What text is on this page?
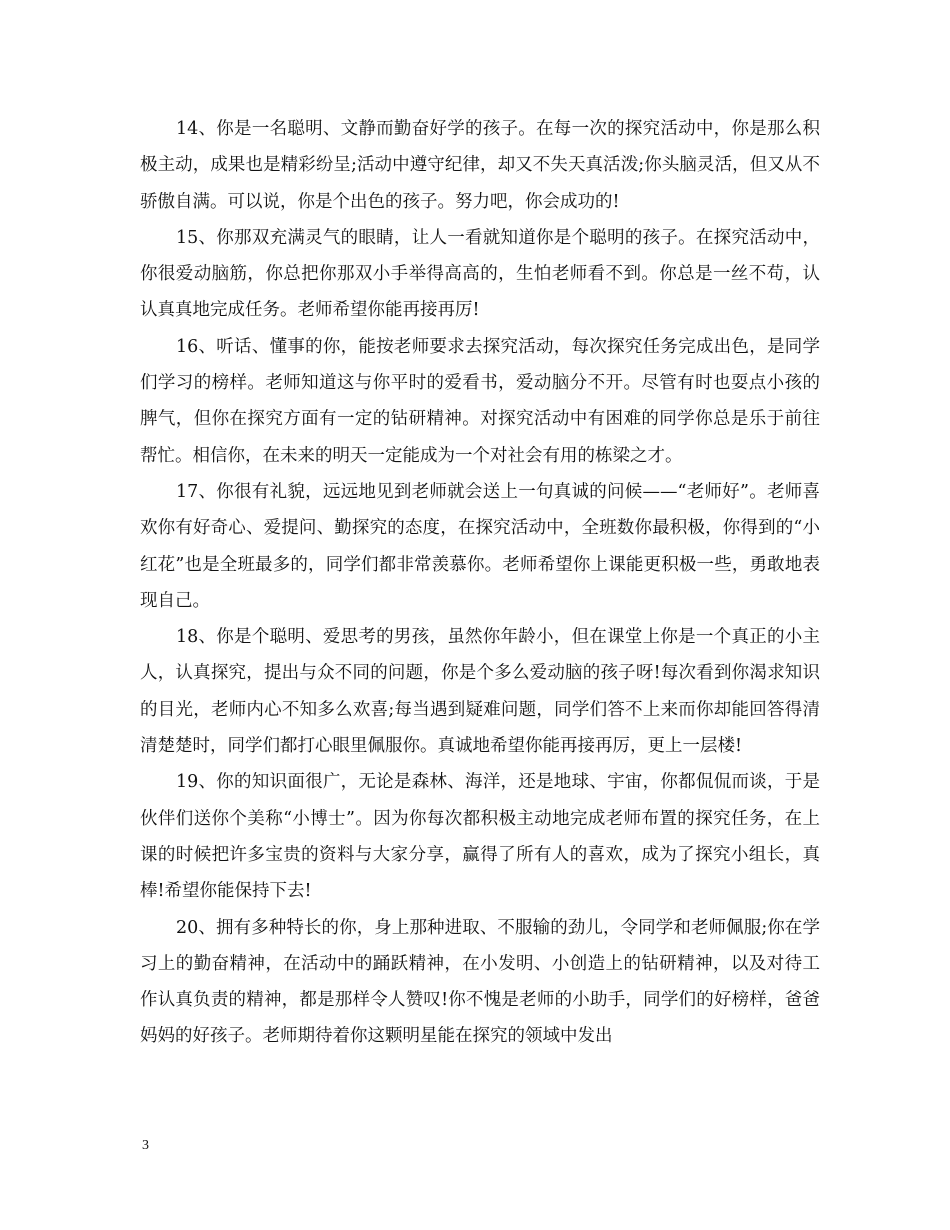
14、你是一名聪明、文静而勤奋好学的孩子。在每一次的探究活动中，你是那么积极主动，成果也是精彩纷呈;活动中遵守纪律，却又不失天真活泼;你头脑灵活，但又从不骄傲自满。可以说，你是个出色的孩子。努力吧，你会成功的!

15、你那双充满灵气的眼睛，让人一看就知道你是个聪明的孩子。在探究活动中，你很爱动脑筋，你总把你那双小手举得高高的，生怕老师看不到。你总是一丝不苟，认认真真地完成任务。老师希望你能再接再厉!

16、听话、懂事的你，能按老师要求去探究活动，每次探究任务完成出色，是同学们学习的榜样。老师知道这与你平时的爱看书，爱动脑分不开。尽管有时也耍点小孩的脾气，但你在探究方面有一定的钻研精神。对探究活动中有困难的同学你总是乐于前往帮忙。相信你，在未来的明天一定能成为一个对社会有用的栋梁之才。

17、你很有礼貌，远远地见到老师就会送上一句真诚的问候——“老师好”。老师喜欢你有好奇心、爱提问、勤探究的态度，在探究活动中，全班数你最积极，你得到的“小红花”也是全班最多的，同学们都非常羡慕你。老师希望你上课能更积极一些，勇敢地表现自己。

18、你是个聪明、爱思考的男孩，虽然你年龄小，但在课堂上你是一个真正的小主人，认真探究，提出与众不同的问题，你是个多么爱动脑的孩子呀!每次看到你渴求知识的目光，老师内心不知多么欢喜;每当遇到疑难问题，同学们答不上来而你却能回答得清清楚楚时，同学们都打心眼里佩服你。真诚地希望你能再接再厉，更上一层楼!

19、你的知识面很广，无论是森林、海洋，还是地球、宇宙，你都侃侃而谈，于是伙伴们送你个美称“小博士”。因为你每次都积极主动地完成老师布置的探究任务，在上课的时候把许多宝贵的资料与大家分享，赢得了所有人的喜欢，成为了探究小组长，真棒!希望你能保持下去!

20、拥有多种特长的你，身上那种进取、不服输的劲儿，令同学和老师佩服;你在学习上的勤奋精神，在活动中的踊跃精神，在小发明、小创造上的钻研精神，以及对待工作认真负责的精神，都是那样令人赞叹!你不愧是老师的小助手，同学们的好榜样，爸爸妈妈的好孩子。老师期待着你这颗明星能在探究的领域中发出

3
